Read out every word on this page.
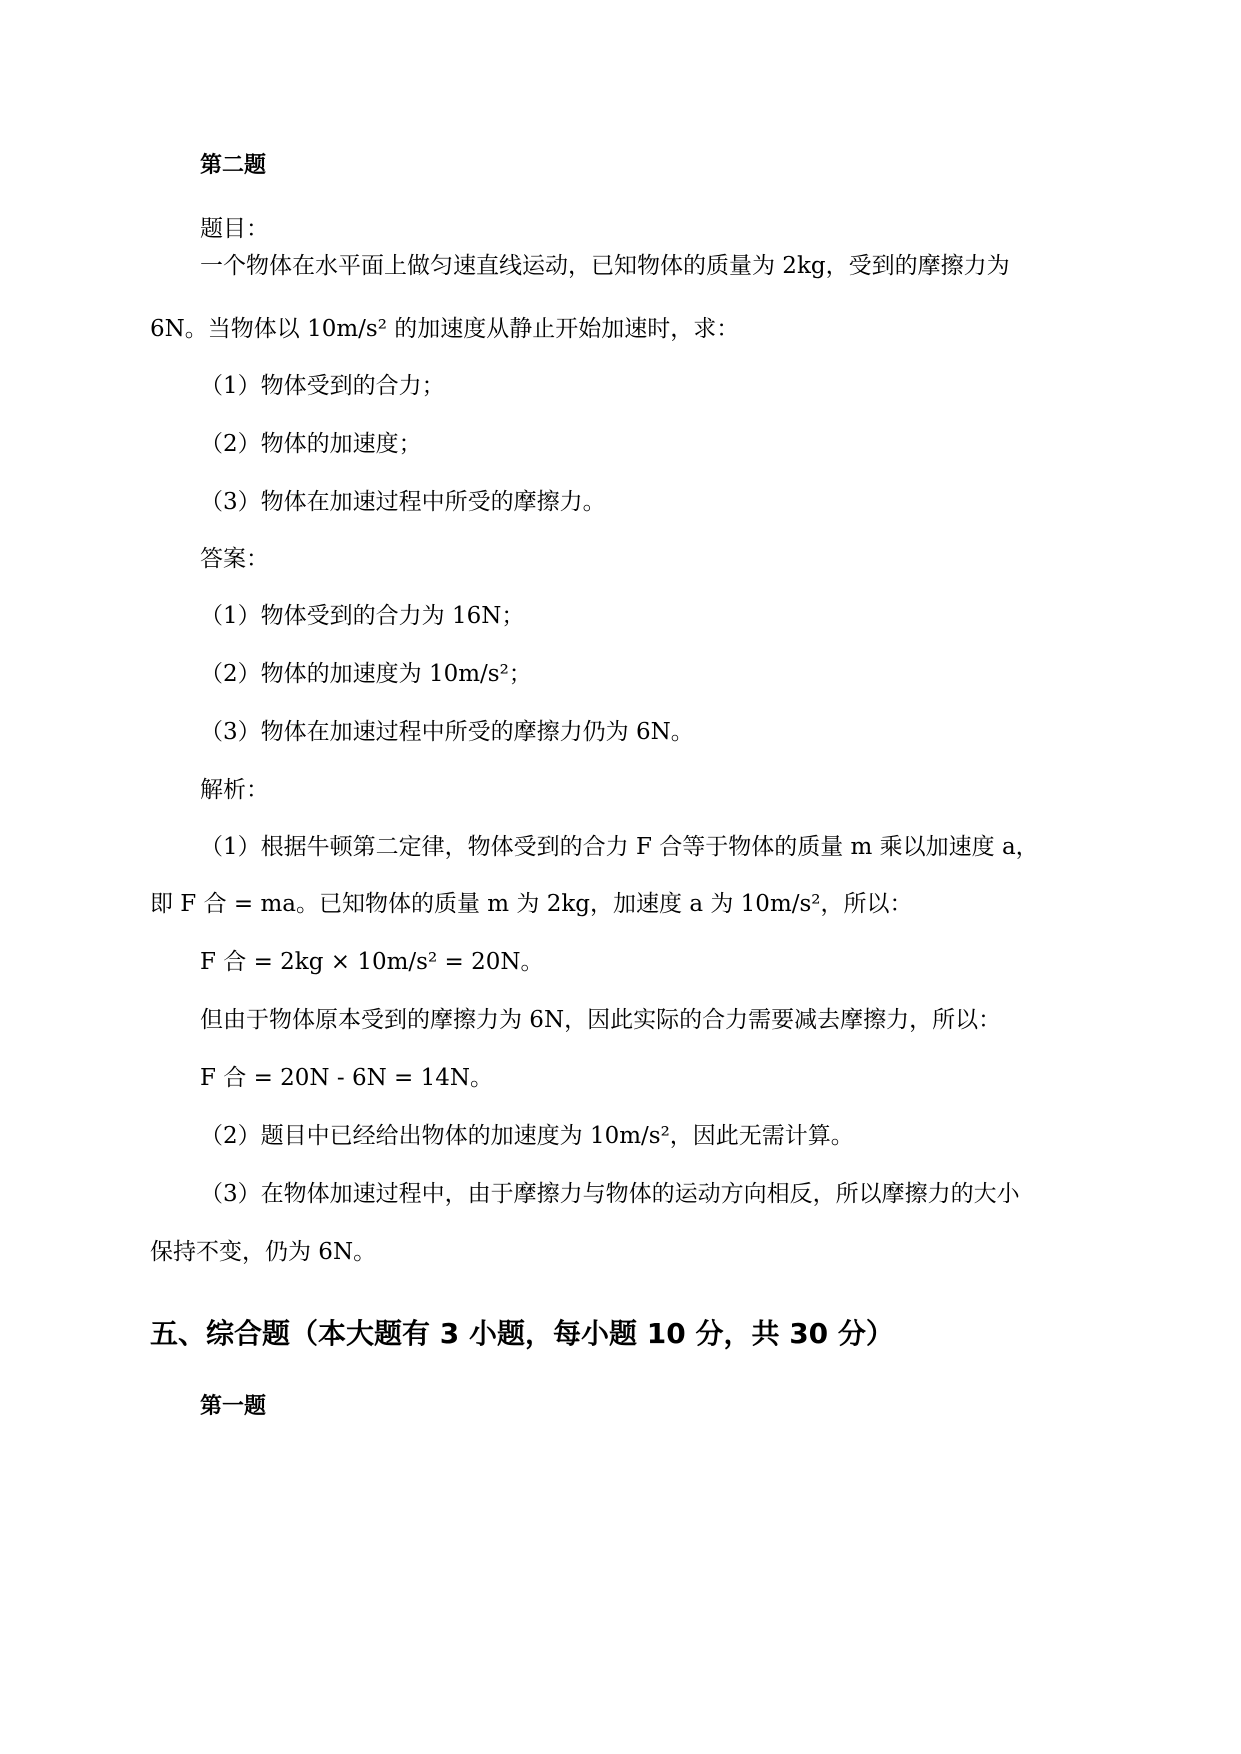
第二题
题目：
一个物体在水平面上做匀速直线运动，已知物体的质量为 2kg，受到的摩擦力为
6N。当物体以 10m/s² 的加速度从静止开始加速时，求：
（1）物体受到的合力；
（2）物体的加速度；
（3）物体在加速过程中所受的摩擦力。
答案：
（1）物体受到的合力为 16N；
（2）物体的加速度为 10m/s²；
（3）物体在加速过程中所受的摩擦力仍为 6N。
解析：
（1）根据牛顿第二定律，物体受到的合力 F 合等于物体的质量 m 乘以加速度 a，
即 F 合 = ma。已知物体的质量 m 为 2kg，加速度 a 为 10m/s²，所以：
F 合 = 2kg × 10m/s² = 20N。
但由于物体原本受到的摩擦力为 6N，因此实际的合力需要减去摩擦力，所以：
F 合 = 20N - 6N = 14N。
（2）题目中已经给出物体的加速度为 10m/s²，因此无需计算。
（3）在物体加速过程中，由于摩擦力与物体的运动方向相反，所以摩擦力的大小
保持不变，仍为 6N。
五、综合题（本大题有 3 小题，每小题 10 分，共 30 分）
第一题
